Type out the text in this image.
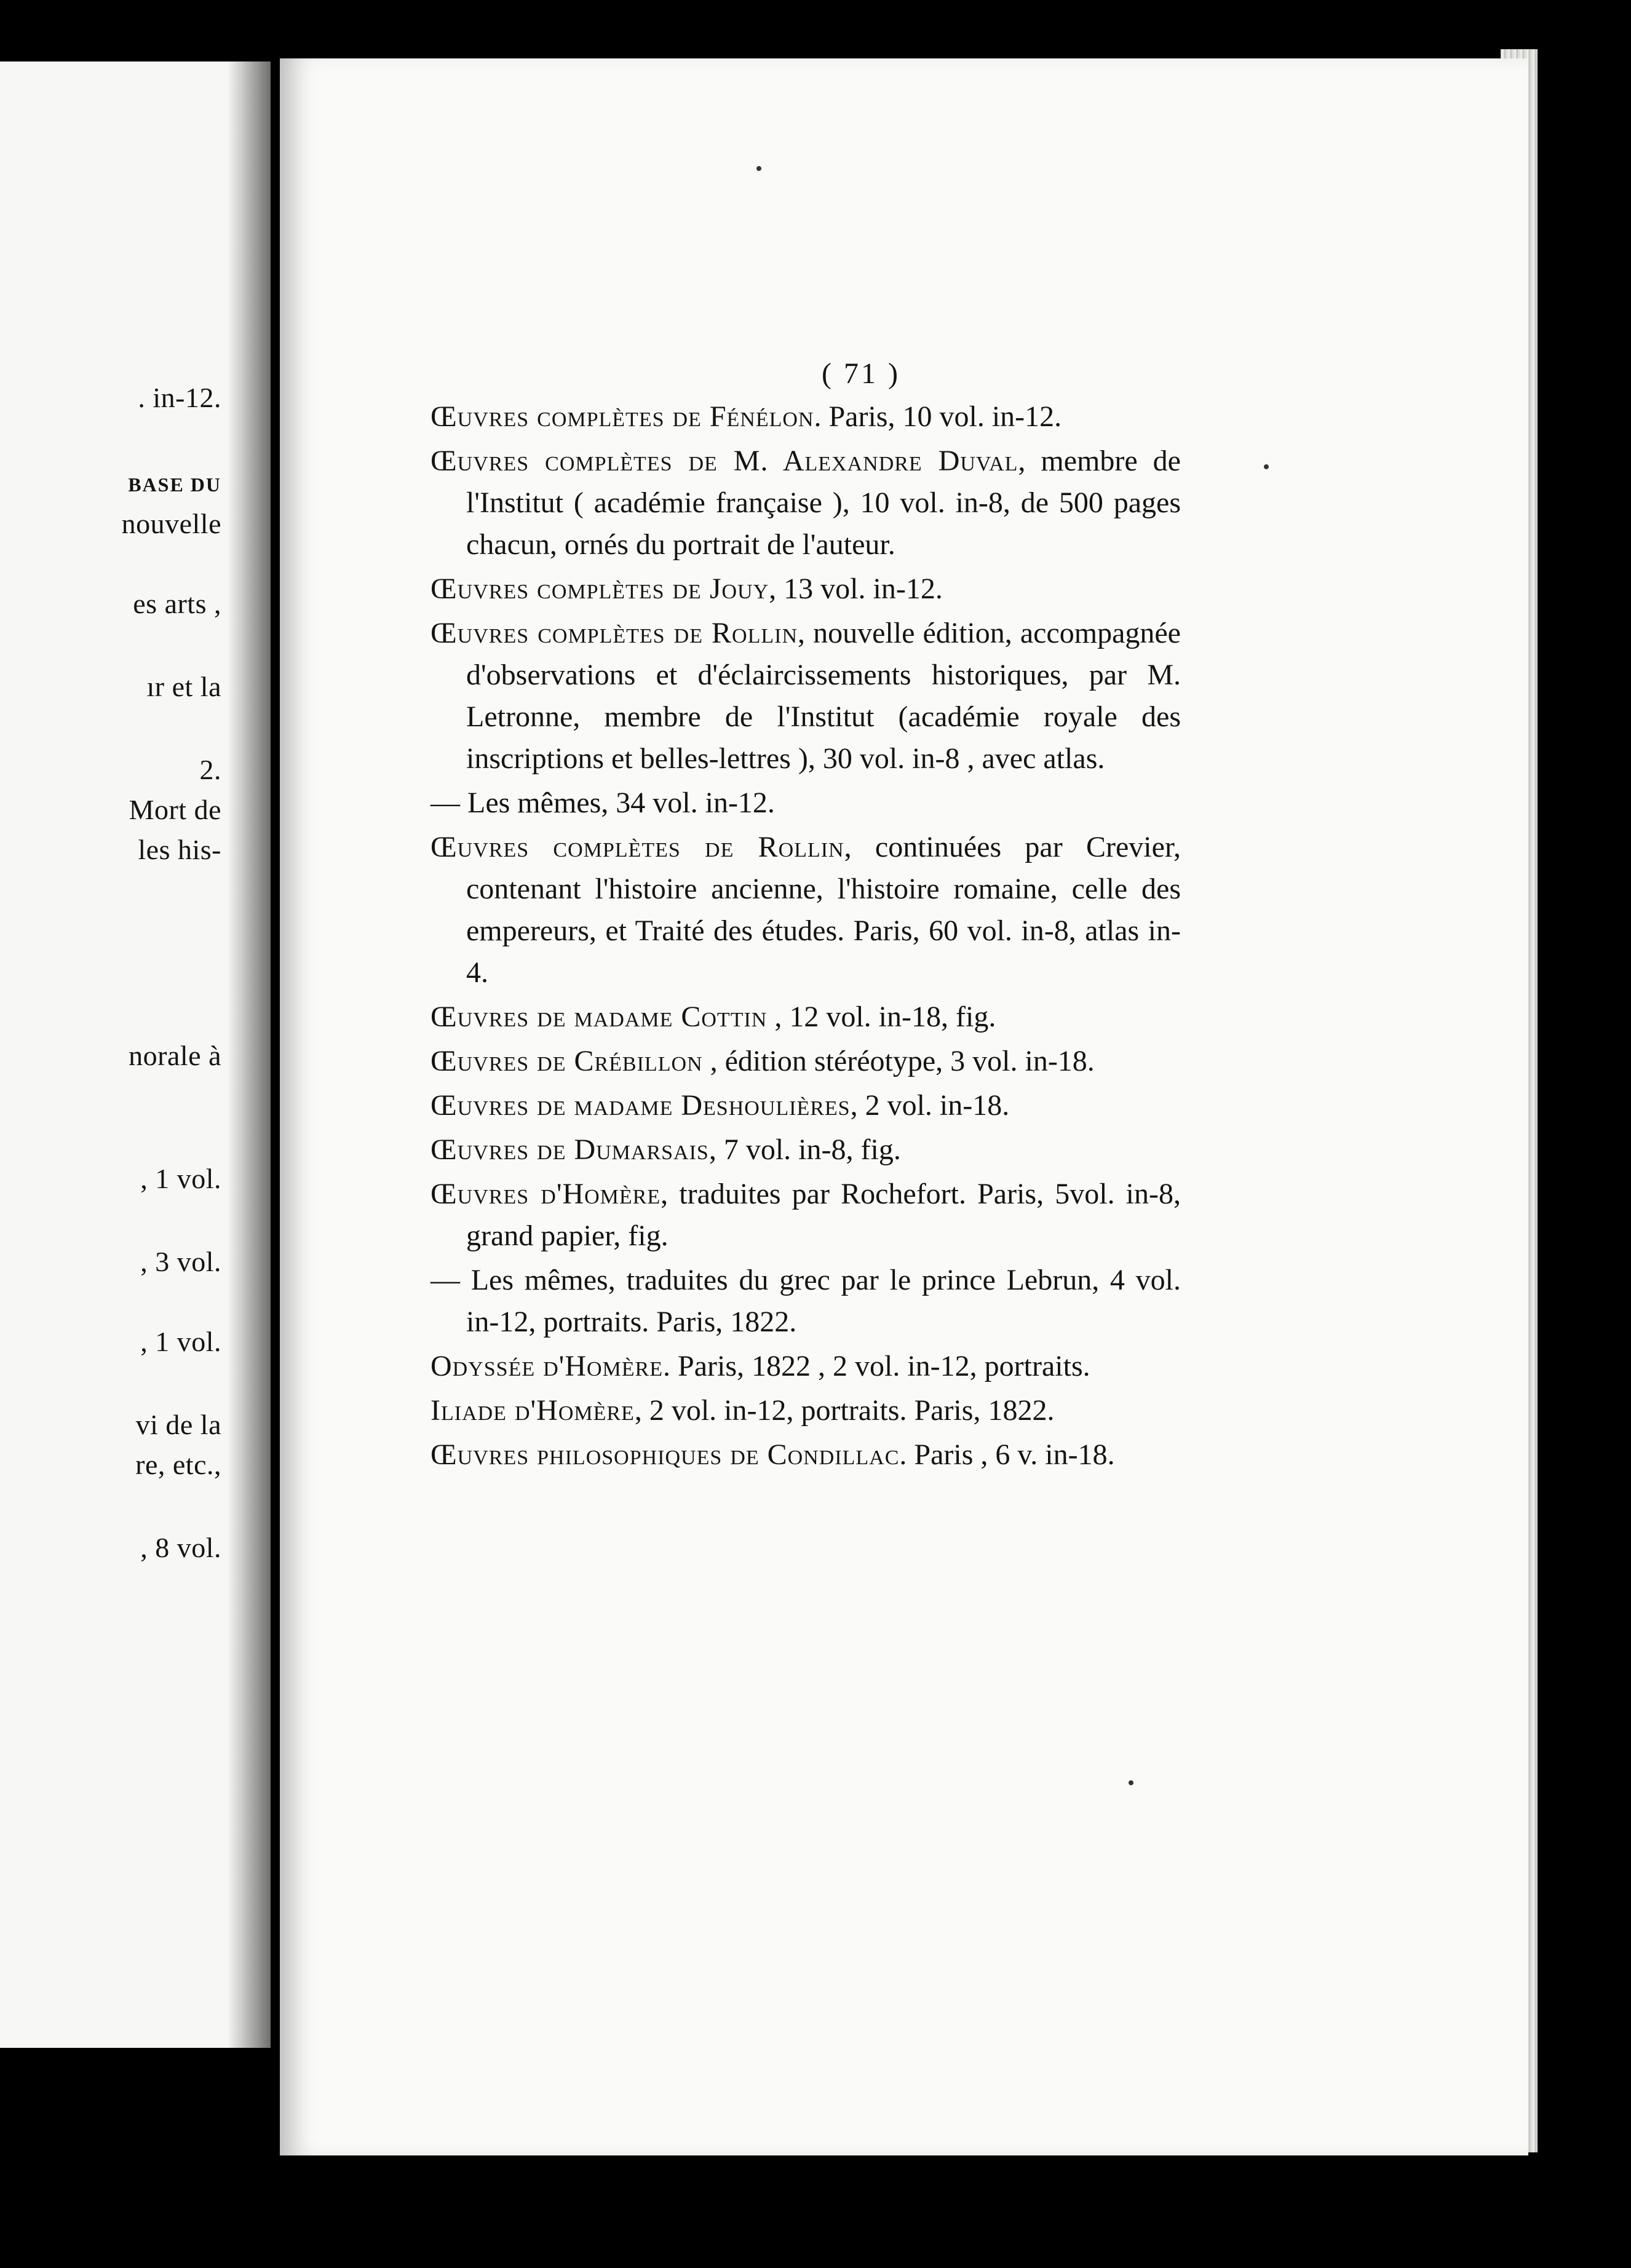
. in-12.
BASE DU
nouvelle
es arts ,
ır et la
2.
Mort de
les his-
norale à
, 1 vol.
, 3 vol.
, 1 vol.
vi de la
re, etc.,
, 8 vol.
( 71 )
Œuvres complètes de Fénélon. Paris, 10 vol. in-12.
Œuvres complètes de M. Alexandre Duval, membre de l'Institut ( académie française ), 10 vol. in-8, de 500 pages chacun, ornés du portrait de l'auteur.
Œuvres complètes de Jouy, 13 vol. in-12.
Œuvres complètes de Rollin, nouvelle édition, accompagnée d'observations et d'éclaircissements historiques, par M. Letronne, membre de l'Institut (académie royale des inscriptions et belles-lettres ), 30 vol. in-8 , avec atlas.
— Les mêmes, 34 vol. in-12.
Œuvres complètes de Rollin, continuées par Crevier, contenant l'histoire ancienne, l'histoire romaine, celle des empereurs, et Traité des études. Paris, 60 vol. in-8, atlas in-4.
Œuvres de madame Cottin , 12 vol. in-18, fig.
Œuvres de Crébillon , édition stéréotype, 3 vol. in-18.
Œuvres de madame Deshoulières, 2 vol. in-18.
Œuvres de Dumarsais, 7 vol. in-8, fig.
Œuvres d'Homère, traduites par Rochefort. Paris, 5vol. in-8, grand papier, fig.
— Les mêmes, traduites du grec par le prince Lebrun, 4 vol. in-12, portraits. Paris, 1822.
Odyssée d'Homère. Paris, 1822 , 2 vol. in-12, portraits.
Iliade d'Homère, 2 vol. in-12, portraits. Paris, 1822.
Œuvres philosophiques de Condillac. Paris , 6 v. in-18.
